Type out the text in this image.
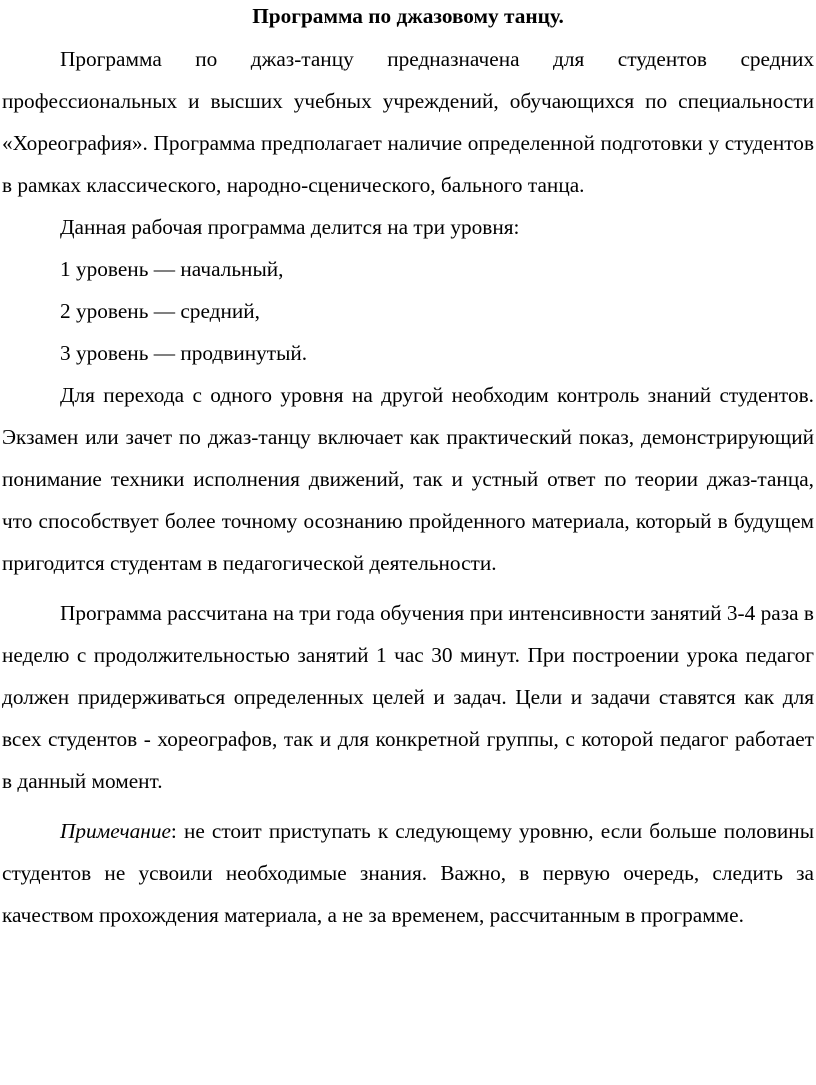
Программа по джазовому танцу.

Программа по джаз-танцу предназначена для студентов средних профессиональных и высших учебных учреждений, обучающихся по специальности «Хореография». Программа предполагает наличие определенной подготовки у студентов в рамках классического, народно-сценического, бального танца.

Данная рабочая программа делится на три уровня:

1 уровень — начальный,

2 уровень — средний,

3 уровень — продвинутый.

Для перехода с одного уровня на другой необходим контроль знаний студентов. Экзамен или зачет по джаз-танцу включает как практический показ, демонстрирующий понимание техники исполнения движений, так и устный ответ по теории джаз-танца, что способствует более точному осознанию пройденного материала, который в будущем пригодится студентам в педагогической деятельности.

Программа рассчитана на три года обучения при интенсивности занятий 3-4 раза в неделю с продолжительностью занятий 1 час 30 минут. При построении урока педагог должен придерживаться определенных целей и задач. Цели и задачи ставятся как для всех студентов - хореографов, так и для конкретной группы, с которой педагог работает в данный момент.

Примечание: не стоит приступать к следующему уровню, если больше половины студентов не усвоили необходимые знания. Важно, в первую очередь, следить за качеством прохождения материала, а не за временем, рассчитанным в программе.
